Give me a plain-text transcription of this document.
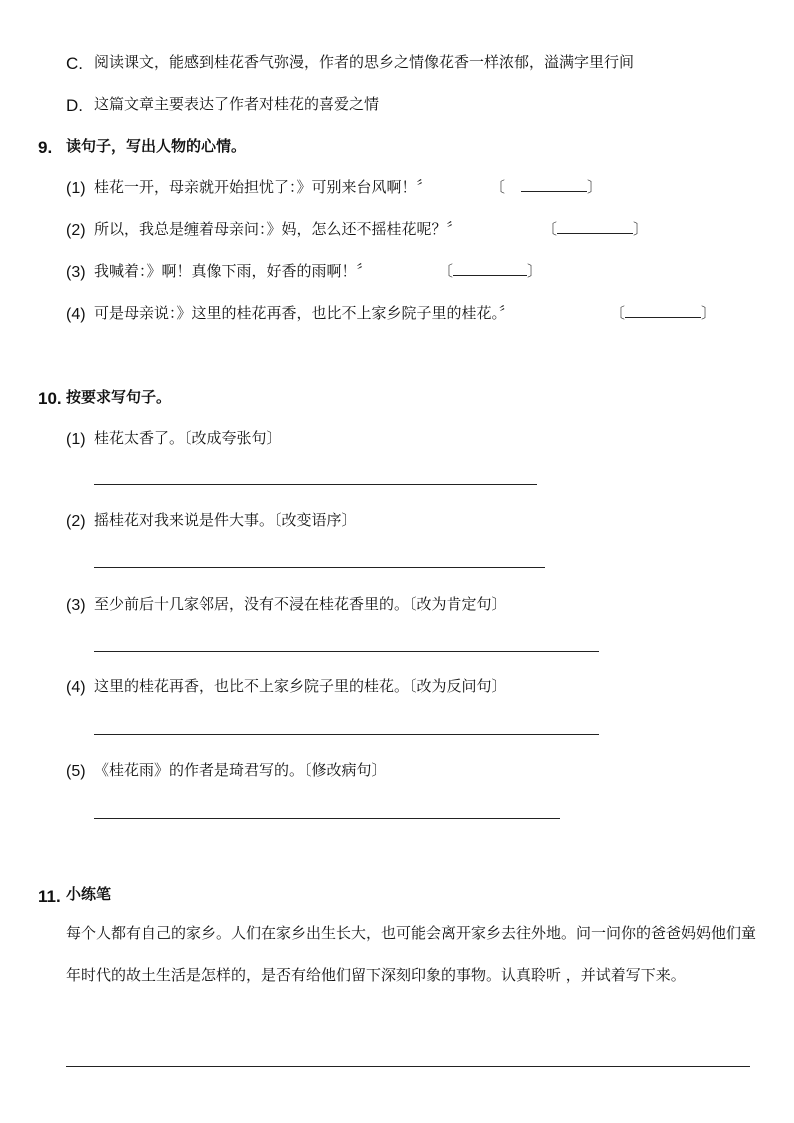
C. 阅读课文，能感到桂花香气弥漫，作者的思乡之情像花香一样浓郁，溢满字里行间
D. 这篇文章主要表达了作者对桂花的喜爱之情
9. 读句子，写出人物的心情。
(1) 桂花一开，母亲就开始担忧了：》可别来台风啊！〞	〔	〕
(2) 所以，我总是缠着母亲问：》妈，怎么还不摇桂花呢？〞	〔	〕
(3) 我喊着：》啊！真像下雨，好香的雨啊！〞	〔	〕
(4) 可是母亲说：》这里的桂花再香，也比不上家乡院子里的桂花。〞	〔	〕
10. 按要求写句子。
(1) 桂花太香了。〔改成夸张句〕
(2) 摇桂花对我来说是件大事。〔改变语序〕
(3) 至少前后十几家邻居，没有不浸在桂花香里的。〔改为肯定句〕
(4) 这里的桂花再香，也比不上家乡院子里的桂花。〔改为反问句〕
(5) 《桂花雨》的作者是琦君写的。〔修改病句〕
11. 小练笔
每个人都有自己的家乡。人们在家乡出生长大，也可能会离开家乡去往外地。问一问你的爸爸妈妈他们童年时代的故土生活是怎样的，是否有给他们留下深刻印象的事物。认真聆听 ，并试着写下来。
